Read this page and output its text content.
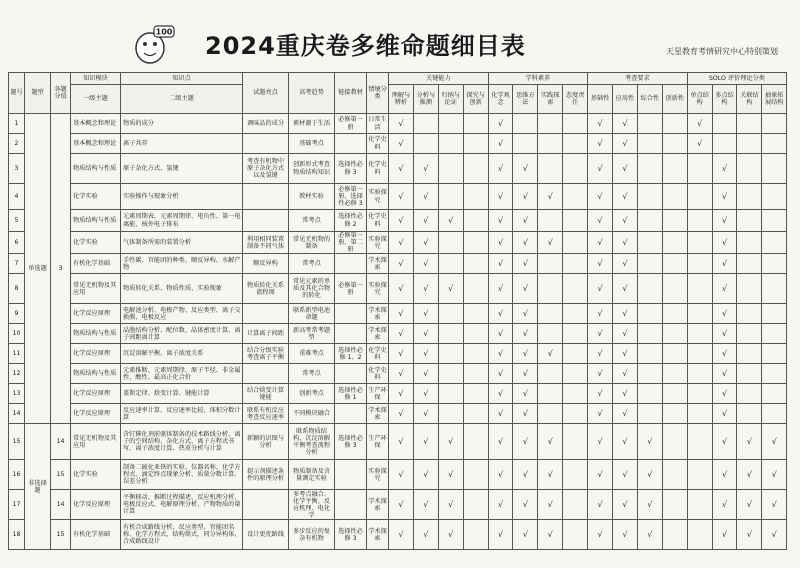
100 2024重庆卷多维命题细目表	天星教育考情研究中心特别策划
题号	题型	各题分值	知识模块	知识点	试题亮点	高考趋势	链接教材	情境分类	关键能力				学科素养				考查要求				SOLO 评价理论分类			
			一级主题	二级主题					理解与辨析	分析与推测	归纳与论证	探究与创新	化学观念	思维方法	实践探索	态度责任	基础性	应用性	综合性	创新性	单点结构	多点结构	关联结构	抽象拓展结构
1	单选题	3	基本概念和理论	物质的成分	调味品的成分	素材源于生活	必修第一册	日常生活	√				√				√	√			√			
2			基本概念和理论	离子共存		基础考点		化学史料	√				√				√	√			√			
3			物质结构与性质	原子杂化方式、氢键	考查有机物中原子杂化方式以及氢键	创新形式考查物质结构知识	选择性必修 3	化学史料	√	√			√	√			√	√				√		
4			化学实验	实验操作与现象分析		教材实验	必修第一册、选择性必修 3	实验探究	√	√			√	√	√		√	√				√		
5			物质结构与性质	元素周期表、元素周期律、电负性、第一电离能、核外电子排布		常考点	选择性必修 2	化学史料	√	√	√		√	√			√	√				√		
6			化学实验	气体制备所需的装置分析	利用相同装置制备不同气体	常见无机物的制备	必修第一册、第二册	实验探究	√	√			√	√	√		√	√				√		
7			有机化学基础	手性碳、官能团的种类、顺反异构、水解产物	顺反异构	常考点		学术探索	√	√			√	√			√	√				√		
8			常见无机物及其应用	物质转化关系、物质性质、实验现象	物质转化关系流程图	常见元素的单质及其化合物的转化	必修第一册	实验探究	√	√	√		√	√			√	√				√		
9			化学反应原理	电解池分析、电极产物、反应类型、离子交换膜、电极反应		联系新型电池命题		学术探索	√	√			√	√			√	√				√		
10			物质结构与性质	晶胞结构分析、配位数、晶体密度计算、离子间距离计算	计算离子间距	新高考常考题型		学术探索	√	√			√	√			√	√				√		
11			化学反应原理	沉淀溶解平衡、离子浓度关系	结合分级实验考查离子平衡	重难考点	选择性必修 1、2	化学史料	√	√			√	√	√		√	√				√		
12			物质结构与性质	元素推断、元素周期律、原子半径、非金属性、酸性、最高正化合价		常考点		化学史料	√	√			√	√			√	√				√		
13			化学反应原理	盖斯定律、焓变计算、键能计算	结合焓变计算键能	创新考点	选择性必修 1	生产环保	√	√			√	√			√	√				√		
14			化学反应原理	反应速率计算、反应速率比较、体积分数计算	联系有机反应考查反应速率	不同模块融合		学术探索	√	√			√	√			√	√				√		
15	非选择题	14	常见无机物及其应用	含钌催化剂前驱体制备的技术路线分析、离子的空间结构、杂化方式、离子方程式书写、离子浓度计算、热重分析与计算	新颖的识图与分析	联系物质结构、沉淀溶解平衡考查流程分析	选择性必修 3	生产环保	√	√	√		√	√	√		√	√	√			√	√	√
16		15	化学实验	制备二硫化亚铁的实验、仪器名称、化学方程式、滴定终点现象分析、质量分数计算、误差分析	提示剂描述条件的原理分析	物质制备及含量测定实验		实验探究	√	√	√		√	√	√		√	√	√			√	√	√
17		14	化学反应原理	平衡移动、推断过程描述、反应机理分析、电极反应式、电解原理分析、产物物质的量计算		多考点融合、化学平衡、反应机理、电化学		学术探索	√	√	√		√	√	√		√	√	√			√	√	√
18		15	有机化学基础	有机合成路线分析、反应类型、官能团名称、化学方程式、结构简式、同分异构体、合成路线设计	设计更优路线	多步反应的复杂有机物	选择性必修 3	学术探索	√	√	√		√	√	√		√	√	√			√	√	√
